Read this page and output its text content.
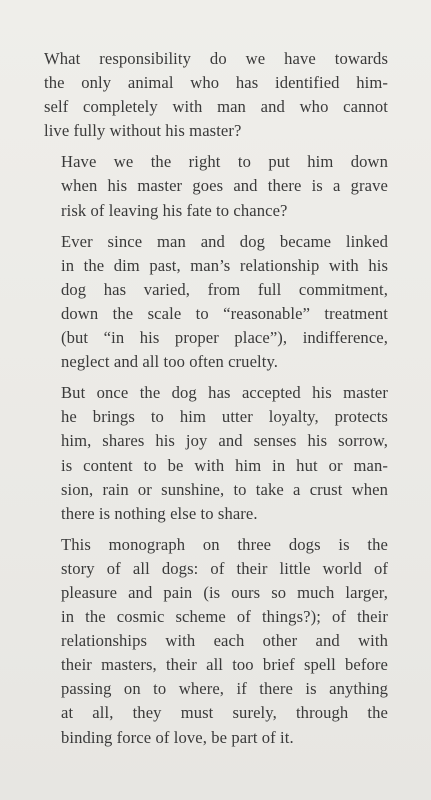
What responsibility do we have towards
the only animal who has identified him-
self completely with man and who cannot
live fully without his master?

Have we the right to put him down
when his master goes and there is a grave
risk of leaving his fate to chance?

Ever since man and dog became linked
in the dim past, man’s relationship with his
dog has varied, from full commitment,
down the scale to “reasonable” treatment
(but “in his proper place”), indifference,
neglect and all too often cruelty.

But once the dog has accepted his master
he brings to him utter loyalty, protects
him, shares his joy and senses his sorrow,
is content to be with him in hut or man-
sion, rain or sunshine, to take a crust when
there is nothing else to share.

This monograph on three dogs is the
story of all dogs: of their little world of
pleasure and pain (is ours so much larger,
in the cosmic scheme of things?); of their
relationships with each other and with
their masters, their all too brief spell before
passing on to where, if there is anything
at all, they must surely, through the
binding force of love, be part of it.
